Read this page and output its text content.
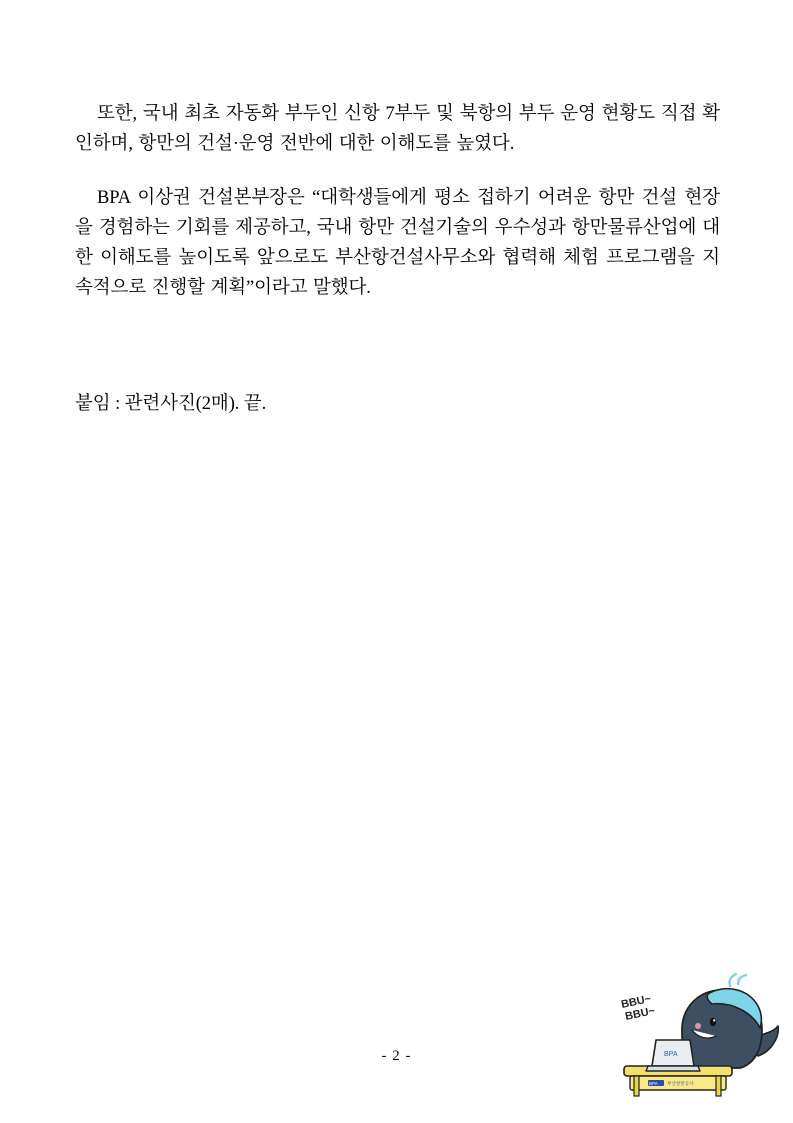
또한, 국내 최초 자동화 부두인 신항 7부두 및 북항의 부두 운영 현황도 직접 확인하며, 항만의 건설·운영 전반에 대한 이해도를 높였다.

BPA 이상권 건설본부장은 “대학생들에게 평소 접하기 어려운 항만 건설 현장을 경험하는 기회를 제공하고, 국내 항만 건설기술의 우수성과 항만물류산업에 대한 이해도를 높이도록 앞으로도 부산항건설사무소와 협력해 체험 프로그램을 지속적으로 진행할 계획”이라고 말했다.

붙임 : 관련사진(2매). 끝.

- 2 -
BBU~
BBU~
BPA
BPA 부산항만공사
